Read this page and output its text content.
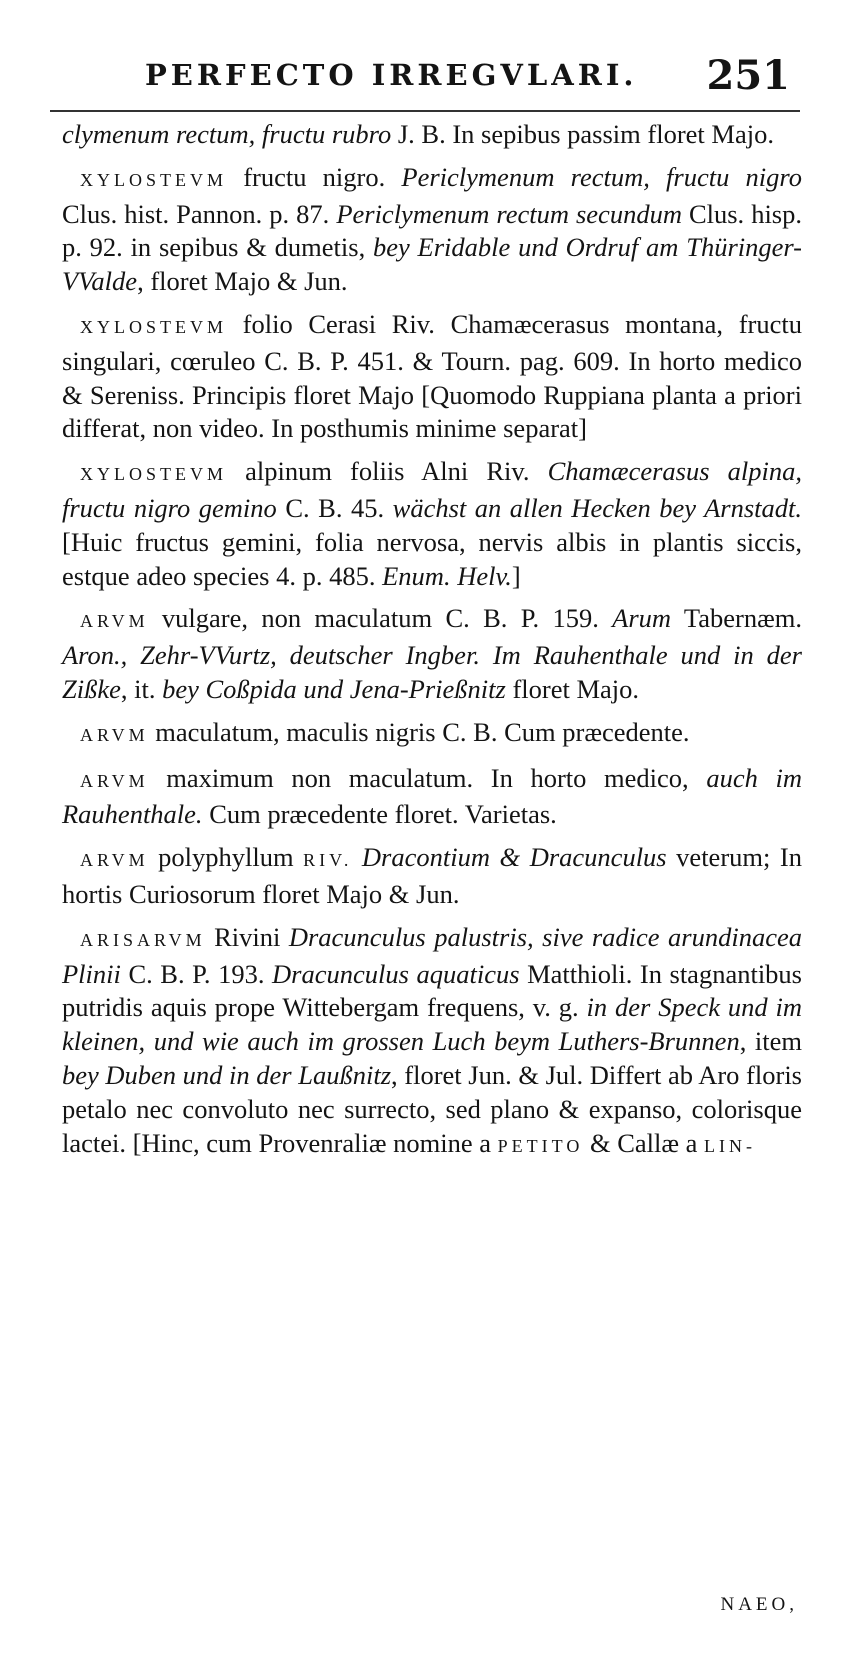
PERFECTO IRREGVLARI. 251

clymenum rectum, fructu rubro J. B. In sepibus passim floret Majo.

XYLOSTEVM fructu nigro. Periclymenum rectum, fructu nigro Clus. hist. Pannon. p. 87. Periclymenum rectum secundum Clus. hisp. p. 92. in sepibus & dumetis, bey Eridable und Ordruf am Thüringer-VValde, floret Majo & Jun.

XYLOSTEVM folio Cerasi Riv. Chamæcerasus montana, fructu singulari, cœruleo C. B. P. 451. & Tourn. pag. 609. In horto medico & Sereniss. Principis floret Majo [Quomodo Ruppiana planta a priori differat, non video. In posthumis minime separat]

XYLOSTEVM alpinum foliis Alni Riv. Chamæcerasus alpina, fructu nigro gemino C. B. 45. wächst an allen Hecken bey Arnstadt. [Huic fructus gemini, folia nervosa, nervis albis in plantis siccis, estque adeo species 4. p. 485. Enum. Helv.]

ARVM vulgare, non maculatum C. B. P. 159. Arum Tabernæm. Aron., Zehr-VVurtz, deutscher Ingber. Im Rauhenthale und in der Zißke, it. bey Coßpida und Jena-Prießnitz floret Majo.

ARVM maculatum, maculis nigris C. B. Cum præcedente.

ARVM maximum non maculatum. In horto medico, auch im Rauhenthale. Cum præcedente floret. Varietas.

ARVM polyphyllum RIV. Dracontium & Dracunculus veterum; In hortis Curiosorum floret Majo & Jun.

ARISARVM Rivini Dracunculus palustris, sive radice arundinacea Plinii C. B. P. 193. Dracunculus aquaticus Matthioli. In stagnantibus putridis aquis prope Wittebergam frequens, v. g. in der Speck und im kleinen, und wie auch im grossen Luch beym Luthers-Brunnen, item bey Duben und in der Laußnitz, floret Jun. & Jul. Differt ab Aro floris petalo nec convoluto nec surrecto, sed plano & expanso, colorisque lactei. [Hinc, cum Provenraliæ nomine a PETITO & Callæ a LIN-

NAEO,
